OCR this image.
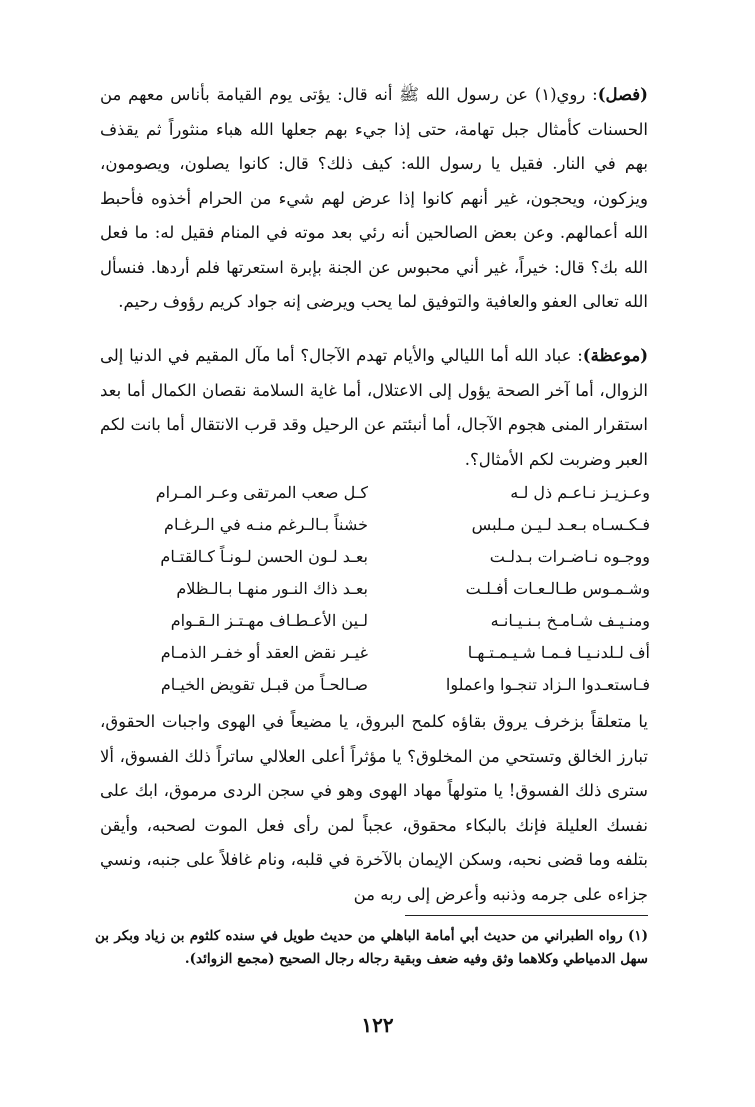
(فصل): روي(١) عن رسول الله ﷺ أنه قال: يؤتى يوم القيامة بأناس معهم من الحسنات كأمثال جبل تهامة، حتى إذا جيء بهم جعلها الله هباء منثوراً ثم يقذف بهم في النار. فقيل يا رسول الله: كيف ذلك؟ قال: كانوا يصلون، ويصومون، ويزكون، ويحجون، غير أنهم كانوا إذا عرض لهم شيء من الحرام أخذوه فأحبط الله أعمالهم. وعن بعض الصالحين أنه رئي بعد موته في المنام فقيل له: ما فعل الله بك؟ قال: خيراً، غير أني محبوس عن الجنة بإبرة استعرتها فلم أردها. فنسأل الله تعالى العفو والعافية والتوفيق لما يحب ويرضى إنه جواد كريم رؤوف رحيم.

(موعظة): عباد الله أما الليالي والأيام تهدم الآجال؟ أما مآل المقيم في الدنيا إلى الزوال، أما آخر الصحة يؤول إلى الاعتلال، أما غاية السلامة نقصان الكمال أما بعد استقرار المنى هجوم الآجال، أما أنبئتم عن الرحيل وقد قرب الانتقال أما بانت لكم العبر وضربت لكم الأمثال؟.

وعـزيـز نـاعـم ذل لـه
كـل صعب المرتقى وعـر المـرام
فـكـسـاه بـعـد لـيـن مـلبس
خشناً بـالـرغم منـه في الـرغـام
ووجـوه نـاضـرات بـدلـت
بعـد لـون الحسن لـونـاً كـالقتـام
وشـمـوس طـالـعـات أفـلـت
بعـد ذاك النـور منهـا بـالـظلام
ومنـيـف شـامـخ بـنـيـانـه
لـين الأعـطـاف مهـتـز الـقـوام
أف لـلدنـيـا فـمـا شـيـمـتـهـا
غيـر نقض العقد أو خفـر الذمـام
فـاستعـدوا الـزاد تنجـوا واعملوا
صـالحـاً من قبـل تقويض الخيـام

يا متعلقاً بزخرف يروق بقاؤه كلمح البروق، يا مضيعاً في الهوى واجبات الحقوق، تبارز الخالق وتستحي من المخلوق؟ يا مؤثراً أعلى العلالي ساتراً ذلك الفسوق، ألا سترى ذلك الفسوق! يا متولهاً مهاد الهوى وهو في سجن الردى مرموق، ابك على نفسك العليلة فإنك بالبكاء محقوق، عجباً لمن رأى فعل الموت لصحبه، وأيقن بتلفه وما قضى نحبه، وسكن الإيمان بالآخرة في قلبه، ونام غافلاً على جنبه، ونسي جزاءه على جرمه وذنبه وأعرض إلى ربه من

(١) رواه الطبراني من حديث أبي أمامة الباهلي من حديث طويل في سنده كلثوم بن زياد وبكر بن سهل الدمياطي وكلاهما وثق وفيه ضعف وبقية رجاله رجال الصحيح (مجمع الزوائد).

١٢٢
